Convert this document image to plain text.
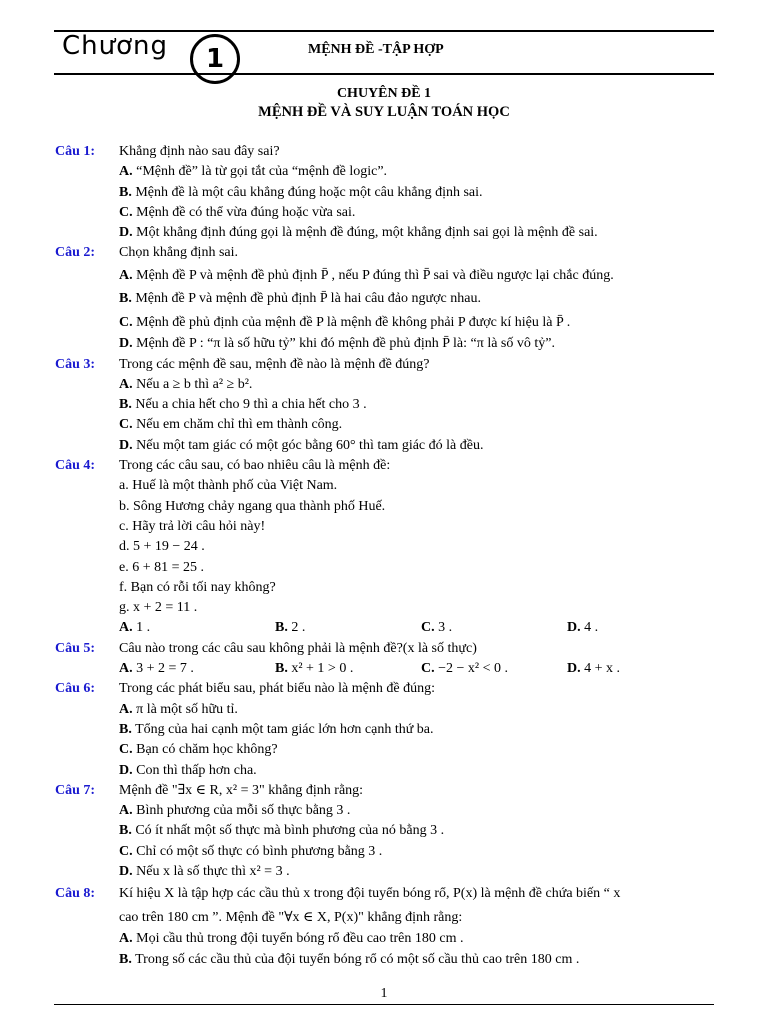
Chương	1	MỆNH ĐỀ -TẬP HỢP
CHUYÊN ĐỀ 1
MỆNH ĐỀ VÀ SUY LUẬN TOÁN HỌC
Câu 1: Khẳng định nào sau đây sai?
A. “Mệnh đề” là từ gọi tắt của “mệnh đề logic”.
B. Mệnh đề là một câu khẳng đúng hoặc một câu khẳng định sai.
C. Mệnh đề có thể vừa đúng hoặc vừa sai.
D. Một khẳng định đúng gọi là mệnh đề đúng, một khẳng định sai gọi là mệnh đề sai.
Câu 2: Chọn khẳng định sai.
A. Mệnh đề P và mệnh đề phủ định P̄ , nếu P đúng thì P̄ sai và điều ngược lại chắc đúng.
B. Mệnh đề P và mệnh đề phủ định P̄ là hai câu đảo ngược nhau.
C. Mệnh đề phủ định của mệnh đề P là mệnh đề không phải P được kí hiệu là P̄ .
D. Mệnh đề P : “π là số hữu tỷ” khi đó mệnh đề phủ định P̄ là: “π là số vô tỷ”.
Câu 3: Trong các mệnh đề sau, mệnh đề nào là mệnh đề đúng?
A. Nếu a ≥ b thì a² ≥ b².
B. Nếu a chia hết cho 9 thì a chia hết cho 3 .
C. Nếu em chăm chỉ thì em thành công.
D. Nếu một tam giác có một góc bằng 60° thì tam giác đó là đều.
Câu 4: Trong các câu sau, có bao nhiêu câu là mệnh đề:
a. Huế là một thành phố của Việt Nam.
b. Sông Hương chảy ngang qua thành phố Huế.
c. Hãy trả lời câu hỏi này!
d. 5 + 19 − 24 .
e. 6 + 81 = 25 .
f. Bạn có rỗi tối nay không?
g. x + 2 = 11 .
A. 1 .	B. 2 .	C. 3 .	D. 4 .
Câu 5: Câu nào trong các câu sau không phải là mệnh đề?(x là số thực)
A. 3 + 2 = 7 .	B. x² + 1 > 0 .	C. −2 − x² < 0 .	D. 4 + x .
Câu 6: Trong các phát biểu sau, phát biểu nào là mệnh đề đúng:
A. π là một số hữu tỉ.
B. Tổng của hai cạnh một tam giác lớn hơn cạnh thứ ba.
C. Bạn có chăm học không?
D. Con thì thấp hơn cha.
Câu 7: Mệnh đề "∃x ∈ R, x² = 3" khẳng định rằng:
A. Bình phương của mỗi số thực bằng 3 .
B. Có ít nhất một số thực mà bình phương của nó bằng 3 .
C. Chỉ có một số thực có bình phương bằng 3 .
D. Nếu x là số thực thì x² = 3 .
Câu 8: Kí hiệu X là tập hợp các cầu thủ x trong đội tuyển bóng rổ, P(x) là mệnh đề chứa biến “ x
cao trên 180 cm ”. Mệnh đề "∀x ∈ X, P(x)" khẳng định rằng:
A. Mọi cầu thủ trong đội tuyển bóng rổ đều cao trên 180 cm .
B. Trong số các cầu thủ của đội tuyển bóng rổ có một số cầu thủ cao trên 180 cm .
1
